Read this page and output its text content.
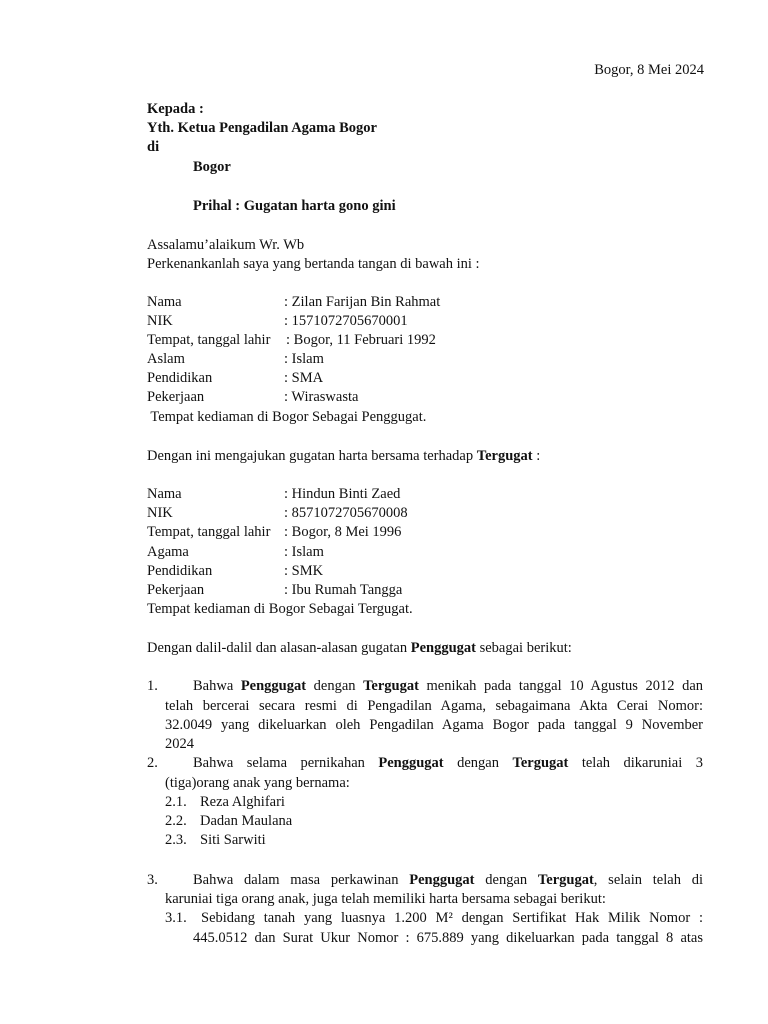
Bogor, 8 Mei 2024
Kepada :
Yth. Ketua Pengadilan Agama Bogor
di
Bogor
Prihal : Gugatan harta gono gini
Assalamu’alaikum Wr. Wb
Perkenankanlah saya yang bertanda tangan di bawah ini :
Nama	: Zilan Farijan Bin Rahmat
NIK	: 1571072705670001
Tempat, tanggal lahir : Bogor, 11 Februari 1992
Aslam	: Islam
Pendidikan	: SMA
Pekerjaan	: Wiraswasta
Tempat kediaman di Bogor Sebagai Penggugat.
Dengan ini mengajukan gugatan harta bersama terhadap Tergugat :
Nama	: Hindun Binti Zaed
NIK	: 8571072705670008
Tempat, tanggal lahir : Bogor, 8 Mei 1996
Agama	: Islam
Pendidikan	: SMK
Pekerjaan	: Ibu Rumah Tangga
Tempat kediaman di Bogor Sebagai Tergugat.
Dengan dalil-dalil dan alasan-alasan gugatan Penggugat sebagai berikut:
1. Bahwa Penggugat dengan Tergugat menikah pada tanggal 10 Agustus 2012 dan
telah bercerai secara resmi di Pengadilan Agama, sebagaimana Akta Cerai Nomor:
32.0049 yang dikeluarkan oleh Pengadilan Agama Bogor pada tanggal 9 November
2024
2. Bahwa selama pernikahan Penggugat dengan Tergugat telah dikaruniai 3
(tiga)orang anak yang bernama:
2.1. Reza Alghifari
2.2. Dadan Maulana
2.3. Siti Sarwiti
3. Bahwa dalam masa perkawinan Penggugat dengan Tergugat, selain telah di
karuniai tiga orang anak, juga telah memiliki harta bersama sebagai berikut:
3.1. Sebidang tanah yang luasnya 1.200 M² dengan Sertifikat Hak Milik Nomor :
445.0512 dan Surat Ukur Nomor : 675.889 yang dikeluarkan pada tanggal 8 atas
